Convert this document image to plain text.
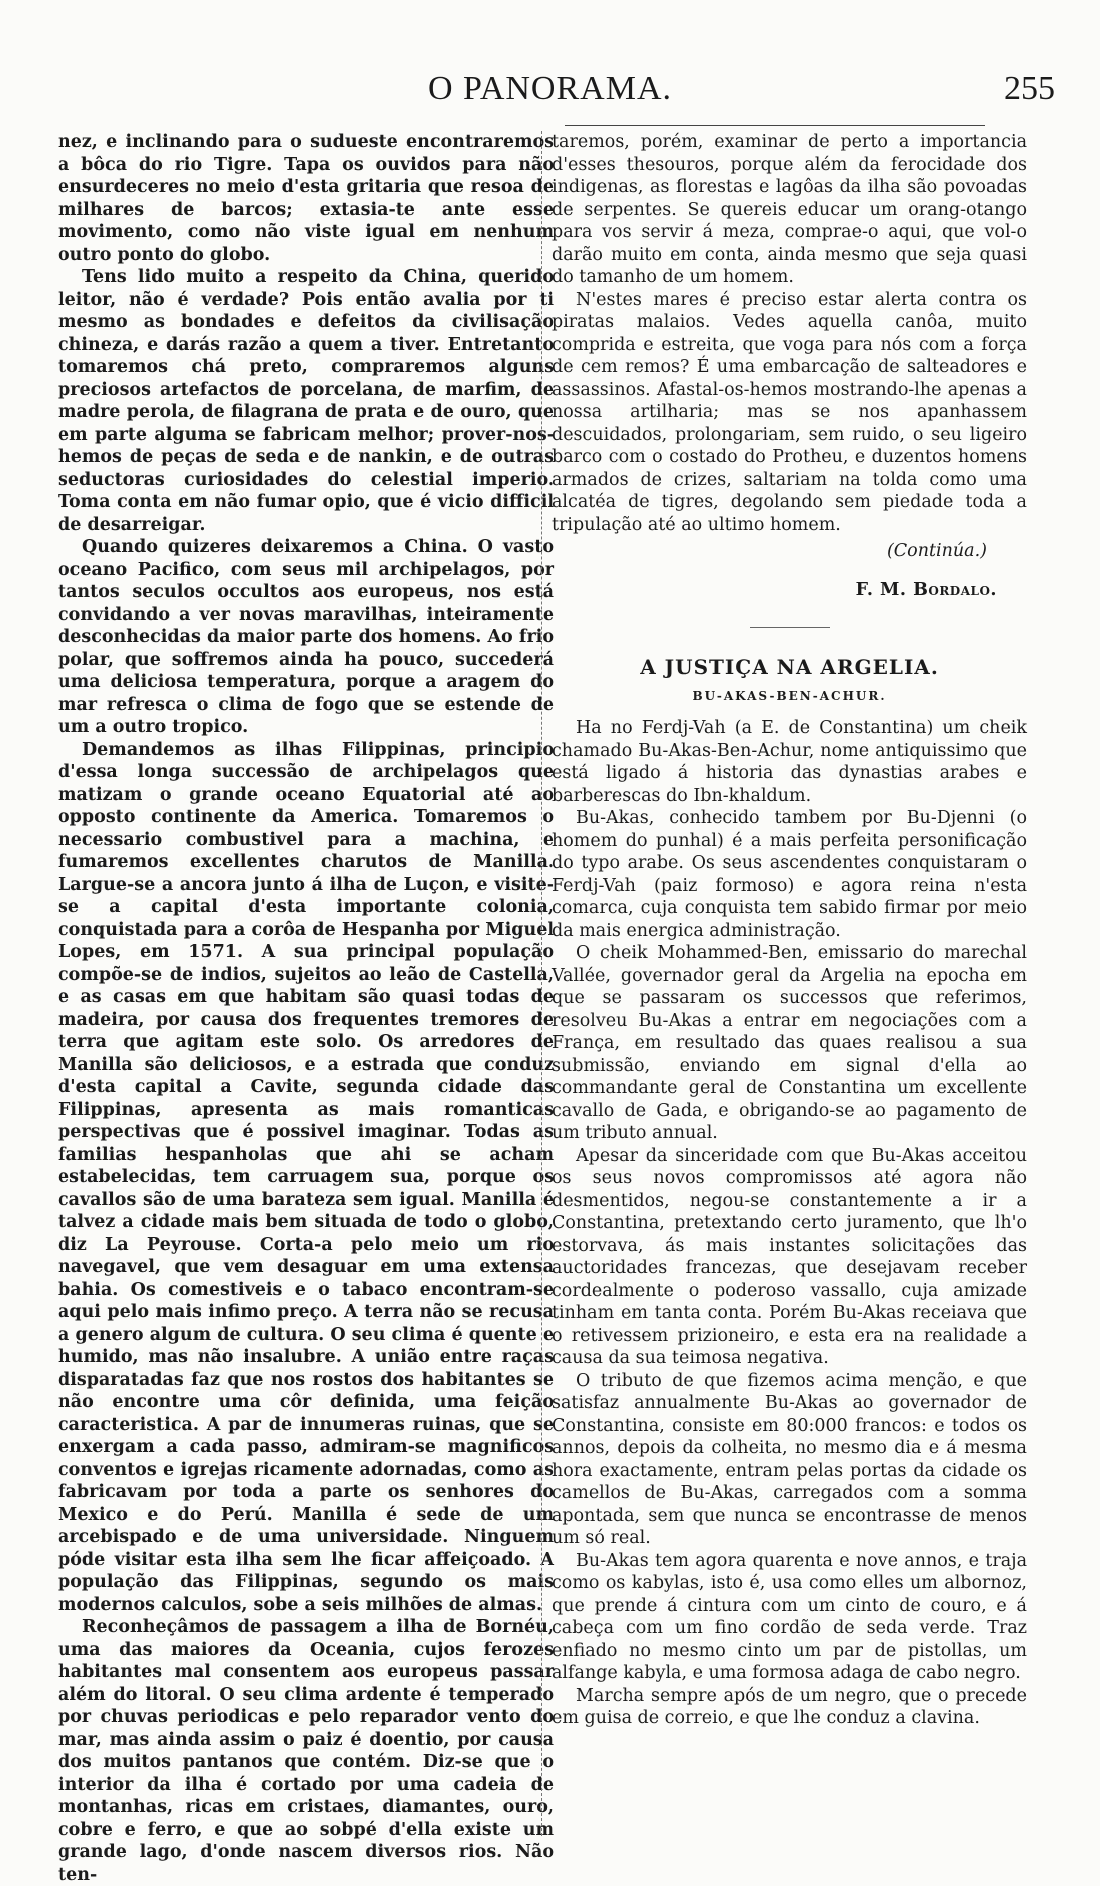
O PANORAMA.	255

nez, e inclinando para o sudueste encontraremos a bôca do rio Tigre. Tapa os ouvidos para não ensurdeceres no meio d'esta gritaria que resoa de milhares de barcos; extasia-te ante esse movimento, como não viste igual em nenhum outro ponto do globo.

Tens lido muito a respeito da China, querido leitor, não é verdade? Pois então avalia por ti mesmo as bondades e defeitos da civilisação chineza, e darás razão a quem a tiver. Entretanto tomaremos chá preto, compraremos alguns preciosos artefactos de porcelana, de marfim, de madre perola, de filagrana de prata e de ouro, que em parte alguma se fabricam melhor; prover-nos-hemos de peças de seda e de nankin, e de outras seductoras curiosidades do celestial imperio. Toma conta em não fumar opio, que é vicio difficil de desarreigar.

Quando quizeres deixaremos a China. O vasto oceano Pacifico, com seus mil archipelagos, por tantos seculos occultos aos europeus, nos está convidando a ver novas maravilhas, inteiramente desconhecidas da maior parte dos homens. Ao frio polar, que soffremos ainda ha pouco, succederá uma deliciosa temperatura, porque a aragem do mar refresca o clima de fogo que se estende de um a outro tropico.

Demandemos as ilhas Filippinas, principio d'essa longa successão de archipelagos que matizam o grande oceano Equatorial até ao opposto continente da America. Tomaremos o necessario combustivel para a machina, e fumaremos excellentes charutos de Manilla. Largue-se a ancora junto á ilha de Luçon, e visite-se a capital d'esta importante colonia, conquistada para a corôa de Hespanha por Miguel Lopes, em 1571. A sua principal população compõe-se de indios, sujeitos ao leão de Castella, e as casas em que habitam são quasi todas de madeira, por causa dos frequentes tremores de terra que agitam este solo. Os arredores de Manilla são deliciosos, e a estrada que conduz d'esta capital a Cavite, segunda cidade das Filippinas, apresenta as mais romanticas perspectivas que é possivel imaginar. Todas as familias hespanholas que ahi se acham estabelecidas, tem carruagem sua, porque os cavallos são de uma barateza sem igual. Manilla é talvez a cidade mais bem situada de todo o globo, diz La Peyrouse. Corta-a pelo meio um rio navegavel, que vem desaguar em uma extensa bahia. Os comestiveis e o tabaco encontram-se aqui pelo mais infimo preço. A terra não se recusa a genero algum de cultura. O seu clima é quente e humido, mas não insalubre. A união entre raças disparatadas faz que nos rostos dos habitantes se não encontre uma côr definida, uma feição caracteristica. A par de innumeras ruinas, que se enxergam a cada passo, admiram-se magnificos conventos e igrejas ricamente adornadas, como as fabricavam por toda a parte os senhores do Mexico e do Perú. Manilla é sede de um arcebispado e de uma universidade. Ninguem póde visitar esta ilha sem lhe ficar affeiçoado. A população das Filippinas, segundo os mais modernos calculos, sobe a seis milhões de almas.

Reconheçâmos de passagem a ilha de Bornéu, uma das maiores da Oceania, cujos ferozes habitantes mal consentem aos europeus passar além do litoral. O seu clima ardente é temperado por chuvas periodicas e pelo reparador vento do mar, mas ainda assim o paiz é doentio, por causa dos muitos pantanos que contém. Diz-se que o interior da ilha é cortado por uma cadeia de montanhas, ricas em cristaes, diamantes, ouro, cobre e ferro, e que ao sobpé d'ella existe um grande lago, d'onde nascem diversos rios. Não ten-

taremos, porém, examinar de perto a importancia d'esses thesouros, porque além da ferocidade dos indigenas, as florestas e lagôas da ilha são povoadas de serpentes. Se quereis educar um orang-otango para vos servir á meza, comprae-o aqui, que vol-o darão muito em conta, ainda mesmo que seja quasi do tamanho de um homem.

N'estes mares é preciso estar alerta contra os piratas malaios. Vedes aquella canôa, muito comprida e estreita, que voga para nós com a força de cem remos? É uma embarcação de salteadores e assassinos. Afastal-os-hemos mostrando-lhe apenas a nossa artilharia; mas se nos apanhassem descuidados, prolongariam, sem ruido, o seu ligeiro barco com o costado do Protheu, e duzentos homens armados de crizes, saltariam na tolda como uma alcatéa de tigres, degolando sem piedade toda a tripulação até ao ultimo homem.

(Continúa.)

F. M. Bordalo.

A JUSTIÇA NA ARGELIA.

BU-AKAS-BEN-ACHUR.

Ha no Ferdj-Vah (a E. de Constantina) um cheik chamado Bu-Akas-Ben-Achur, nome antiquissimo que está ligado á historia das dynastias arabes e barberescas do Ibn-khaldum.

Bu-Akas, conhecido tambem por Bu-Djenni (o homem do punhal) é a mais perfeita personificação do typo arabe. Os seus ascendentes conquistaram o Ferdj-Vah (paiz formoso) e agora reina n'esta comarca, cuja conquista tem sabido firmar por meio da mais energica administração.

O cheik Mohammed-Ben, emissario do marechal Vallée, governador geral da Argelia na epocha em que se passaram os successos que referimos, resolveu Bu-Akas a entrar em negociações com a França, em resultado das quaes realisou a sua submissão, enviando em signal d'ella ao commandante geral de Constantina um excellente cavallo de Gada, e obrigando-se ao pagamento de um tributo annual.

Apesar da sinceridade com que Bu-Akas acceitou os seus novos compromissos até agora não desmentidos, negou-se constantemente a ir a Constantina, pretextando certo juramento, que lh'o estorvava, ás mais instantes solicitações das auctoridades francezas, que desejavam receber cordealmente o poderoso vassallo, cuja amizade tinham em tanta conta. Porém Bu-Akas receiava que o retivessem prizioneiro, e esta era na realidade a causa da sua teimosa negativa.

O tributo de que fizemos acima menção, e que satisfaz annualmente Bu-Akas ao governador de Constantina, consiste em 80:000 francos: e todos os annos, depois da colheita, no mesmo dia e á mesma hora exactamente, entram pelas portas da cidade os camellos de Bu-Akas, carregados com a somma apontada, sem que nunca se encontrasse de menos um só real.

Bu-Akas tem agora quarenta e nove annos, e traja como os kabylas, isto é, usa como elles um albornoz, que prende á cintura com um cinto de couro, e á cabeça com um fino cordão de seda verde. Traz enfiado no mesmo cinto um par de pistollas, um alfange kabyla, e uma formosa adaga de cabo negro.

Marcha sempre após de um negro, que o precede em guisa de correio, e que lhe conduz a clavina.
